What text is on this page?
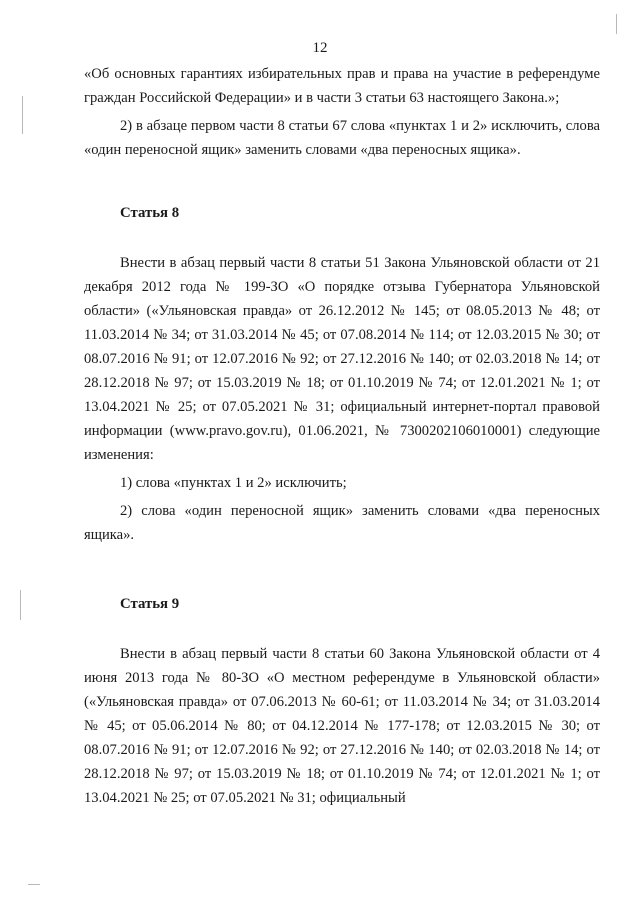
12

«Об основных гарантиях избирательных прав и права на участие в референдуме граждан Российской Федерации» и в части 3 статьи 63 настоящего Закона.»;

2) в абзаце первом части 8 статьи 67 слова «пунктах 1 и 2» исключить, слова «один переносной ящик» заменить словами «два переносных ящика».

Статья 8

Внести в абзац первый части 8 статьи 51 Закона Ульяновской области от 21 декабря 2012 года № 199-ЗО «О порядке отзыва Губернатора Ульяновской области» («Ульяновская правда» от 26.12.2012 № 145; от 08.05.2013 № 48; от 11.03.2014 № 34; от 31.03.2014 № 45; от 07.08.2014 № 114; от 12.03.2015 № 30; от 08.07.2016 № 91; от 12.07.2016 № 92; от 27.12.2016 № 140; от 02.03.2018 № 14; от 28.12.2018 № 97; от 15.03.2019 № 18; от 01.10.2019 № 74; от 12.01.2021 № 1; от 13.04.2021 № 25; от 07.05.2021 № 31; официальный интернет-портал правовой информации (www.pravo.gov.ru), 01.06.2021, № 7300202106010001) следующие изменения:

1) слова «пунктах 1 и 2» исключить;

2) слова «один переносной ящик» заменить словами «два переносных ящика».

Статья 9

Внести в абзац первый части 8 статьи 60 Закона Ульяновской области от 4 июня 2013 года № 80-ЗО «О местном референдуме в Ульяновской области» («Ульяновская правда» от 07.06.2013 № 60-61; от 11.03.2014 № 34; от 31.03.2014 № 45; от 05.06.2014 № 80; от 04.12.2014 № 177-178; от 12.03.2015 № 30; от 08.07.2016 № 91; от 12.07.2016 № 92; от 27.12.2016 № 140; от 02.03.2018 № 14; от 28.12.2018 № 97; от 15.03.2019 № 18; от 01.10.2019 № 74; от 12.01.2021 № 1; от 13.04.2021 № 25; от 07.05.2021 № 31; официальный
